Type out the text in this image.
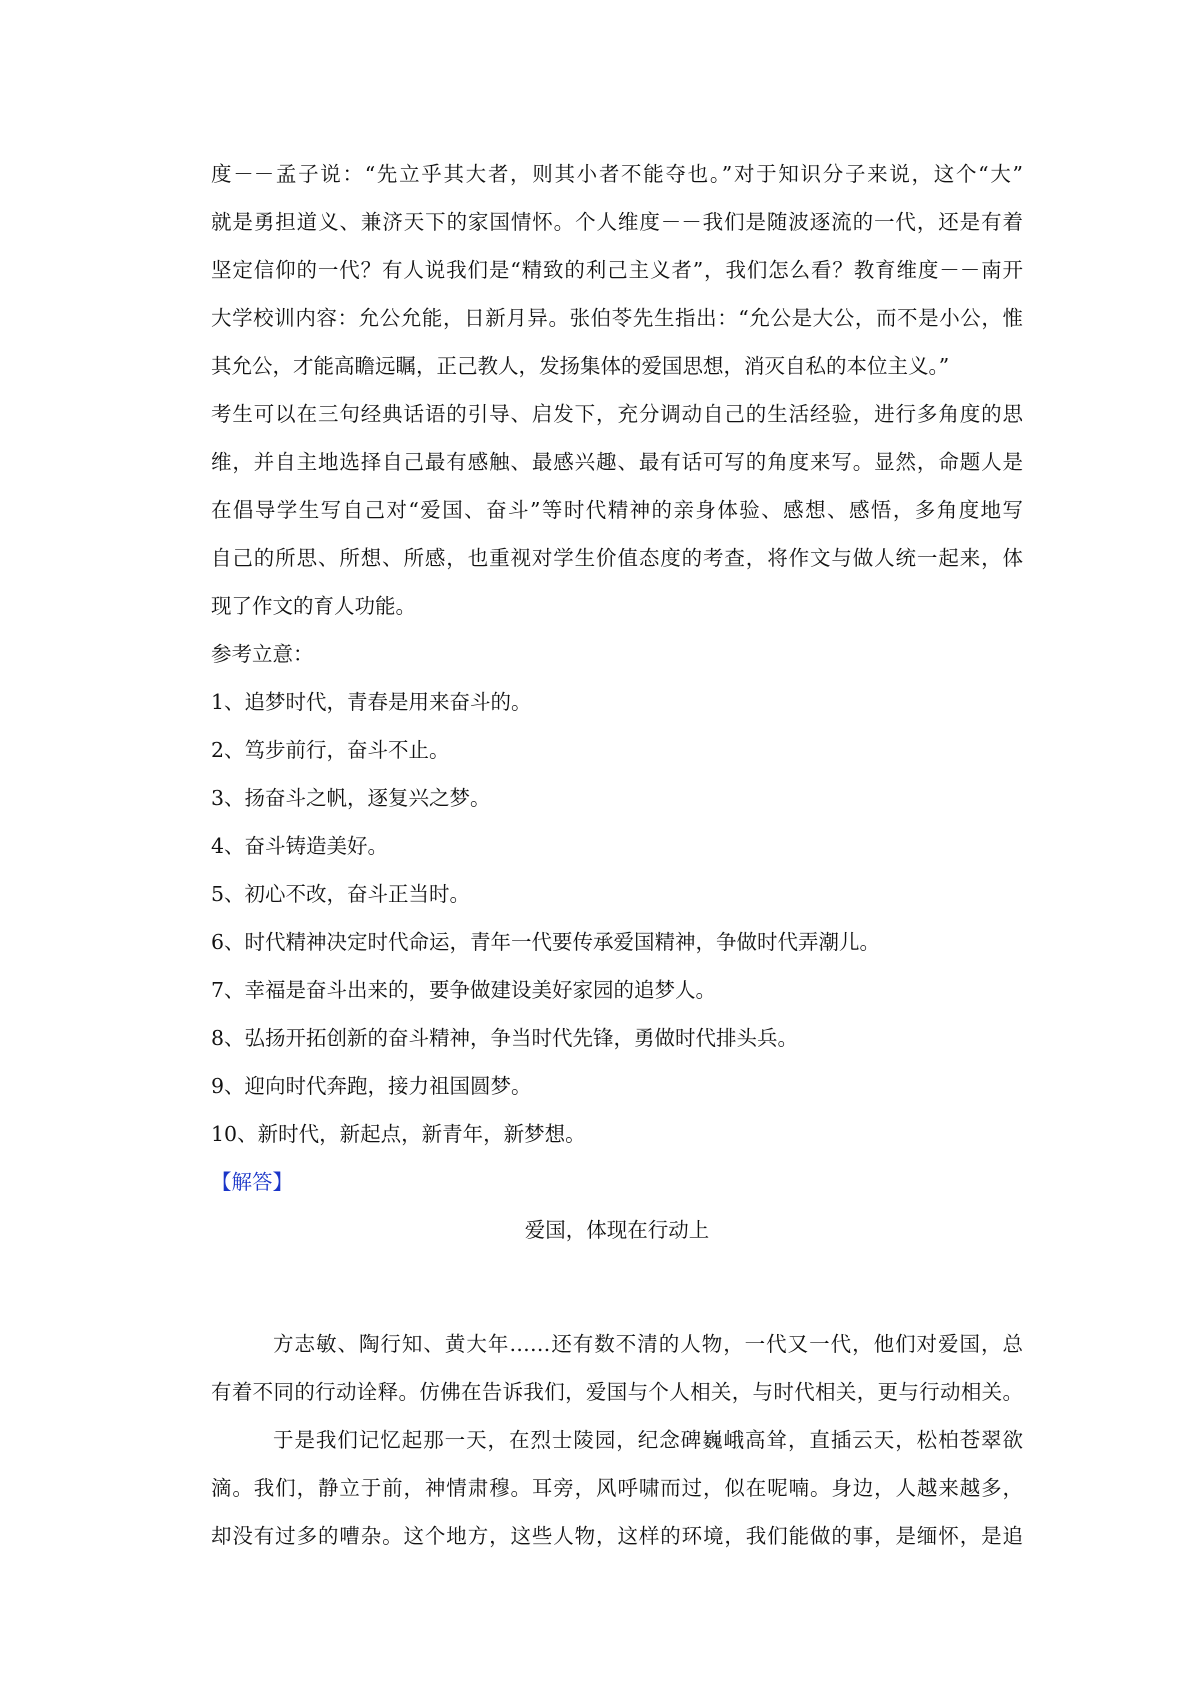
度－－孟子说：“先立乎其大者，则其小者不能夺也。”对于知识分子来说，这个“大”
就是勇担道义、兼济天下的家国情怀。个人维度－－我们是随波逐流的一代，还是有着
坚定信仰的一代？有人说我们是“精致的利己主义者”，我们怎么看？教育维度－－南开
大学校训内容：允公允能，日新月异。张伯苓先生指出：“允公是大公，而不是小公，惟
其允公，才能高瞻远瞩，正己教人，发扬集体的爱国思想，消灭自私的本位主义。”
考生可以在三句经典话语的引导、启发下，充分调动自己的生活经验，进行多角度的思
维，并自主地选择自己最有感触、最感兴趣、最有话可写的角度来写。显然，命题人是
在倡导学生写自己对“爱国、奋斗”等时代精神的亲身体验、感想、感悟，多角度地写
自己的所思、所想、所感，也重视对学生价值态度的考查，将作文与做人统一起来，体
现了作文的育人功能。
参考立意：
1、追梦时代，青春是用来奋斗的。
2、笃步前行，奋斗不止。
3、扬奋斗之帆，逐复兴之梦。
4、奋斗铸造美好。
5、初心不改，奋斗正当时。
6、时代精神决定时代命运，青年一代要传承爱国精神，争做时代弄潮儿。
7、幸福是奋斗出来的，要争做建设美好家园的追梦人。
8、弘扬开拓创新的奋斗精神，争当时代先锋，勇做时代排头兵。
9、迎向时代奔跑，接力祖国圆梦。
10、新时代，新起点，新青年，新梦想。
【解答】
爱国，体现在行动上
方志敏、陶行知、黄大年……还有数不清的人物，一代又一代，他们对爱国，总
有着不同的行动诠释。仿佛在告诉我们，爱国与个人相关，与时代相关，更与行动相关。
于是我们记忆起那一天，在烈士陵园，纪念碑巍峨高耸，直插云天，松柏苍翠欲
滴。我们，静立于前，神情肃穆。耳旁，风呼啸而过，似在呢喃。身边，人越来越多，
却没有过多的嘈杂。这个地方，这些人物，这样的环境，我们能做的事，是缅怀，是追
